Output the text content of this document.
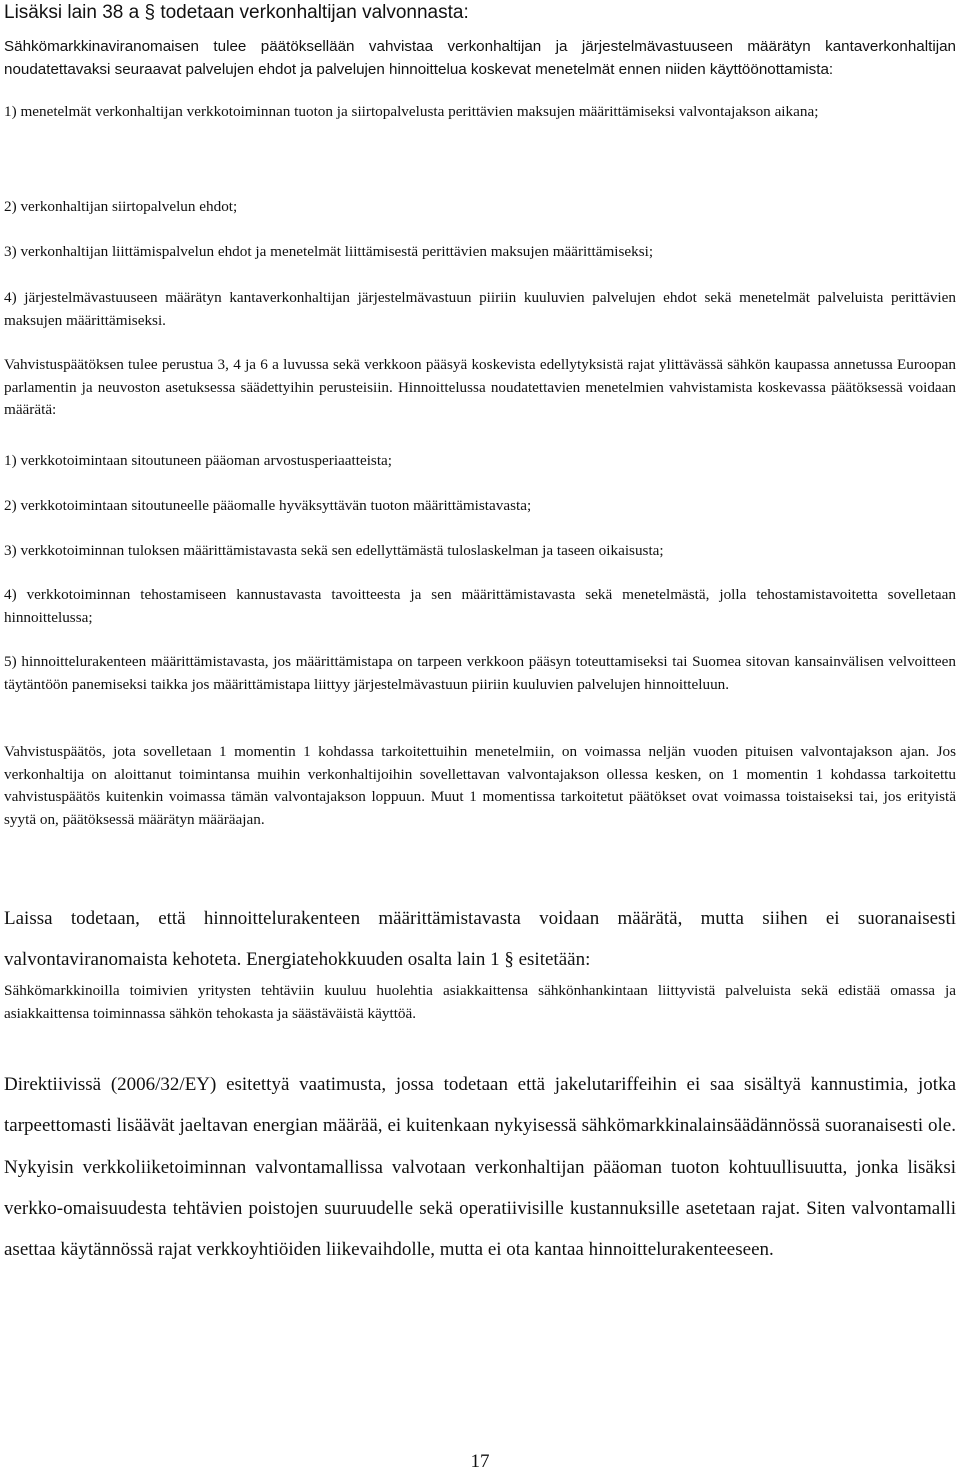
Lisäksi lain 38 a § todetaan verkonhaltijan valvonnasta:

Sähkömarkkinaviranomaisen tulee päätöksellään vahvistaa verkonhaltijan ja järjestelmävastuuseen määrätyn kantaverkonhaltijan noudatettavaksi seuraavat palvelujen ehdot ja palvelujen hinnoittelua koskevat menetelmät ennen niiden käyttöönottamista:

1) menetelmät verkonhaltijan verkkotoiminnan tuoton ja siirtopalvelusta perittävien maksujen määrittämiseksi valvontajakson aikana;

2) verkonhaltijan siirtopalvelun ehdot;

3) verkonhaltijan liittämispalvelun ehdot ja menetelmät liittämisestä perittävien maksujen määrittämiseksi;

4) järjestelmävastuuseen määrätyn kantaverkonhaltijan järjestelmävastuun piiriin kuuluvien palvelujen ehdot sekä menetelmät palveluista perittävien maksujen määrittämiseksi.

Vahvistuspäätöksen tulee perustua 3, 4 ja 6 a luvussa sekä verkkoon pääsyä koskevista edellytyksistä rajat ylittävässä sähkön kaupassa annetussa Euroopan parlamentin ja neuvoston asetuksessa säädettyihin perusteisiin. Hinnoittelussa noudatettavien menetelmien vahvistamista koskevassa päätöksessä voidaan määrätä:

1) verkkotoimintaan sitoutuneen pääoman arvostusperiaatteista;

2) verkkotoimintaan sitoutuneelle pääomalle hyväksyttävän tuoton määrittämistavasta;

3) verkkotoiminnan tuloksen määrittämistavasta sekä sen edellyttämästä tuloslaskelman ja taseen oikaisusta;

4) verkkotoiminnan tehostamiseen kannustavasta tavoitteesta ja sen määrittämistavasta sekä menetelmästä, jolla tehostamistavoitetta sovelletaan hinnoittelussa;

5) hinnoittelurakenteen määrittämistavasta, jos määrittämistapa on tarpeen verkkoon pääsyn toteuttamiseksi tai Suomea sitovan kansainvälisen velvoitteen täytäntöön panemiseksi taikka jos määrittämistapa liittyy järjestelmävastuun piiriin kuuluvien palvelujen hinnoitteluun.

Vahvistuspäätös, jota sovelletaan 1 momentin 1 kohdassa tarkoitettuihin menetelmiin, on voimassa neljän vuoden pituisen valvontajakson ajan. Jos verkonhaltija on aloittanut toimintansa muihin verkonhaltijoihin sovellettavan valvontajakson ollessa kesken, on 1 momentin 1 kohdassa tarkoitettu vahvistuspäätös kuitenkin voimassa tämän valvontajakson loppuun. Muut 1 momentissa tarkoitetut päätökset ovat voimassa toistaiseksi tai, jos erityistä syytä on, päätöksessä määrätyn määräajan.

Laissa todetaan, että hinnoittelurakenteen määrittämistavasta voidaan määrätä, mutta siihen ei suoranaisesti valvontaviranomaista kehoteta. Energiatehokkuuden osalta lain 1 § esitetään:

Sähkömarkkinoilla toimivien yritysten tehtäviin kuuluu huolehtia asiakkaittensa sähkönhankintaan liittyvistä palveluista sekä edistää omassa ja asiakkaittensa toiminnassa sähkön tehokasta ja säästäväistä käyttöä.

Direktiivissä (2006/32/EY) esitettyä vaatimusta, jossa todetaan että jakelutariffeihin ei saa sisältyä kannustimia, jotka tarpeettomasti lisäävät jaeltavan energian määrää, ei kuitenkaan nykyisessä sähkömarkkinalainsäädännössä suoranaisesti ole. Nykyisin verkkoliiketoiminnan valvontamallissa valvotaan verkonhaltijan pääoman tuoton kohtuullisuutta, jonka lisäksi verkko-omaisuudesta tehtävien poistojen suuruudelle sekä operatiivisille kustannuksille asetetaan rajat. Siten valvontamalli asettaa käytännössä rajat verkkoyhtiöiden liikevaihdolle, mutta ei ota kantaa hinnoittelurakenteeseen.

17
